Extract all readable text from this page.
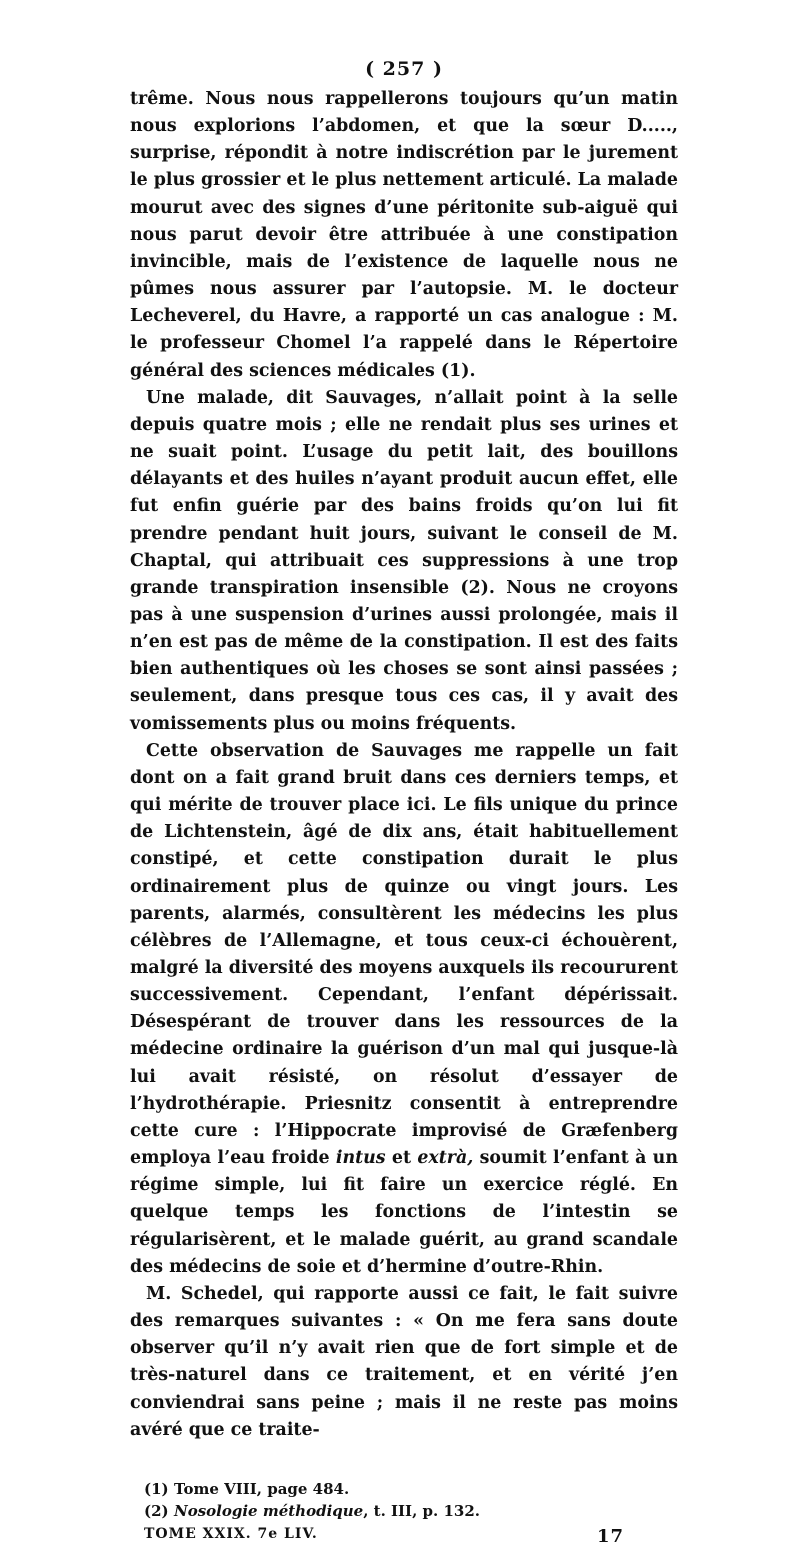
( 257 )

trême. Nous nous rappellerons toujours qu’un matin nous explorions l’abdomen, et que la sœur D....., surprise, répondit à notre indiscrétion par le jurement le plus grossier et le plus nettement articulé. La malade mourut avec des signes d’une péritonite sub-aiguë qui nous parut devoir être attribuée à une constipation invincible, mais de l’existence de laquelle nous ne pûmes nous assurer par l’autopsie. M. le docteur Lecheverel, du Havre, a rapporté un cas analogue : M. le professeur Chomel l’a rappelé dans le Répertoire général des sciences médicales (1).

Une malade, dit Sauvages, n’allait point à la selle depuis quatre mois ; elle ne rendait plus ses urines et ne suait point. L’usage du petit lait, des bouillons délayants et des huiles n’ayant produit aucun effet, elle fut enfin guérie par des bains froids qu’on lui fit prendre pendant huit jours, suivant le conseil de M. Chaptal, qui attribuait ces suppressions à une trop grande transpiration insensible (2). Nous ne croyons pas à une suspension d’urines aussi prolongée, mais il n’en est pas de même de la constipation. Il est des faits bien authentiques où les choses se sont ainsi passées ; seulement, dans presque tous ces cas, il y avait des vomissements plus ou moins fréquents.

Cette observation de Sauvages me rappelle un fait dont on a fait grand bruit dans ces derniers temps, et qui mérite de trouver place ici. Le fils unique du prince de Lichtenstein, âgé de dix ans, était habituellement constipé, et cette constipation durait le plus ordinairement plus de quinze ou vingt jours. Les parents, alarmés, consultèrent les médecins les plus célèbres de l’Allemagne, et tous ceux-ci échouèrent, malgré la diversité des moyens auxquels ils recoururent successivement. Cependant, l’enfant dépérissait. Désespérant de trouver dans les ressources de la médecine ordinaire la guérison d’un mal qui jusque-là lui avait résisté, on résolut d’essayer de l’hydrothérapie. Priesnitz consentit à entreprendre cette cure : l’Hippocrate improvisé de Græfenberg employa l’eau froide intus et extrà, soumit l’enfant à un régime simple, lui fit faire un exercice réglé. En quelque temps les fonctions de l’intestin se régularisèrent, et le malade guérit, au grand scandale des médecins de soie et d’hermine d’outre-Rhin.

M. Schedel, qui rapporte aussi ce fait, le fait suivre des remarques suivantes : « On me fera sans doute observer qu’il n’y avait rien que de fort simple et de très-naturel dans ce traitement, et en vérité j’en conviendrai sans peine ; mais il ne reste pas moins avéré que ce traite-

(1) Tome VIII, page 484.

(2) Nosologie méthodique, t. III, p. 132.

TOME XXIX. 7e LIV.	17
